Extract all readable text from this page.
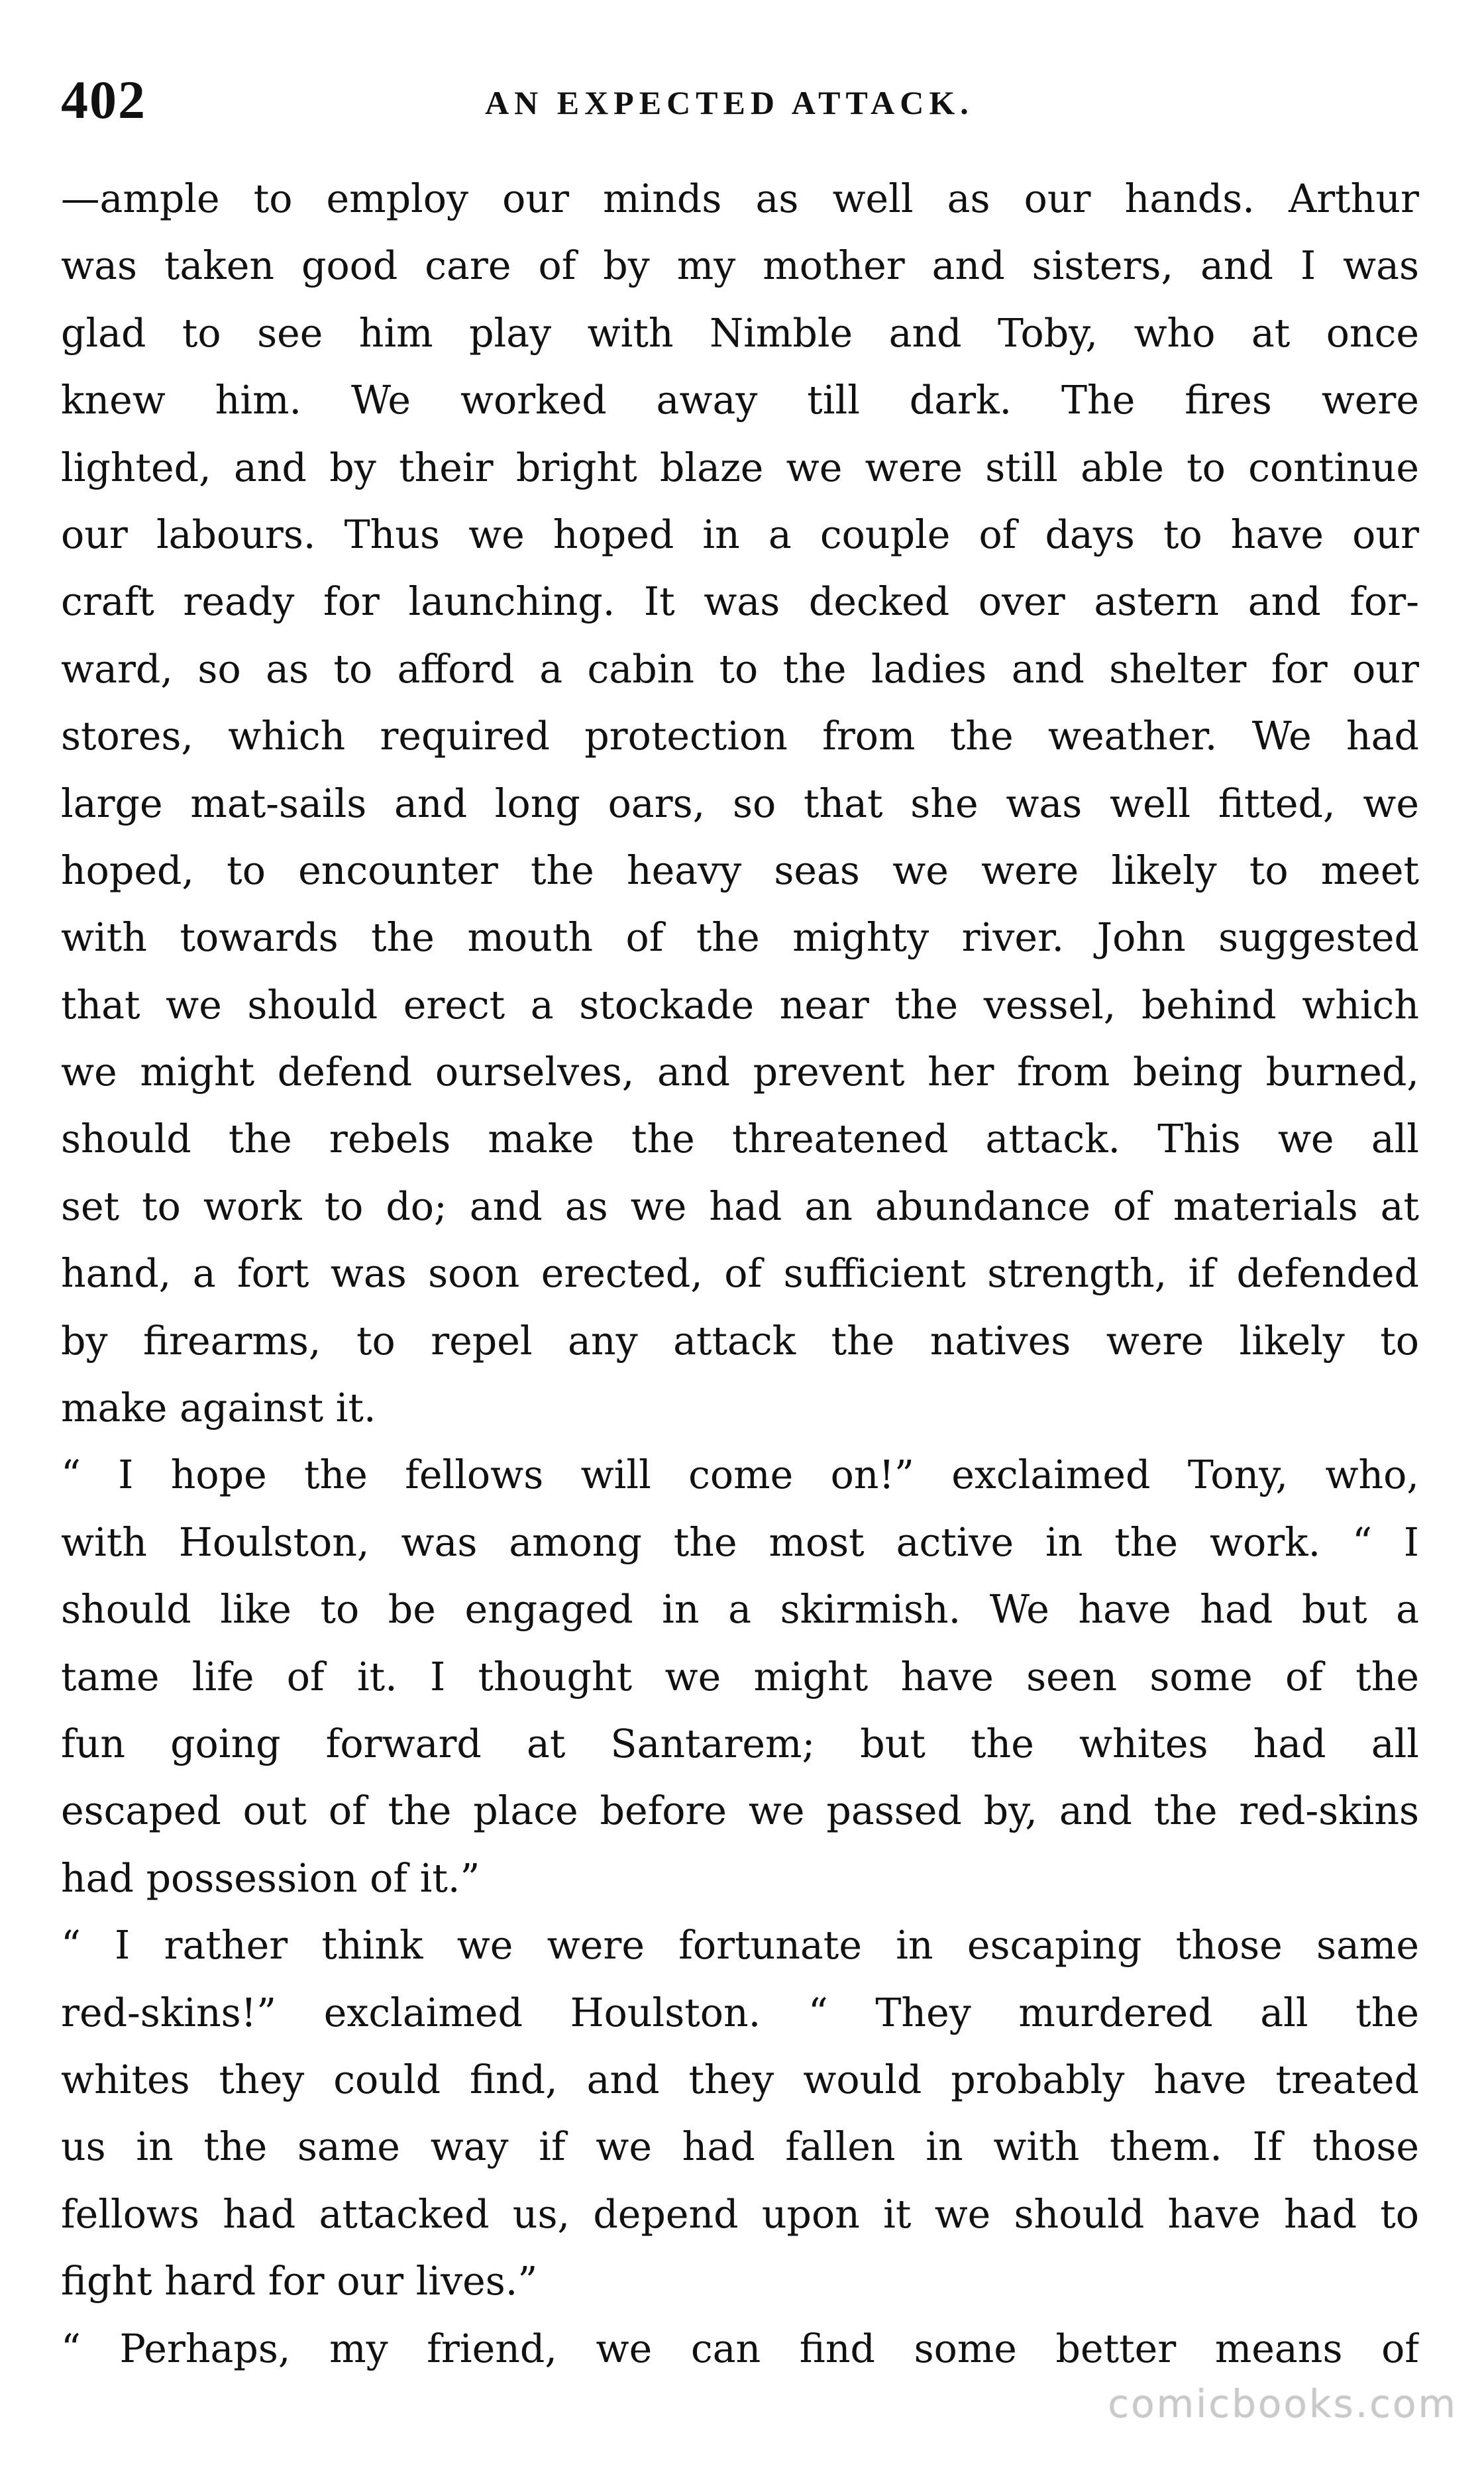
402	AN EXPECTED ATTACK.
—ample to employ our minds as well as our hands. Arthur
was taken good care of by my mother and sisters, and I was
glad to see him play with Nimble and Toby, who at once
knew him. We worked away till dark. The fires were
lighted, and by their bright blaze we were still able to continue
our labours. Thus we hoped in a couple of days to have our
craft ready for launching. It was decked over astern and for-
ward, so as to afford a cabin to the ladies and shelter for our
stores, which required protection from the weather. We had
large mat-sails and long oars, so that she was well fitted, we
hoped, to encounter the heavy seas we were likely to meet
with towards the mouth of the mighty river. John suggested
that we should erect a stockade near the vessel, behind which
we might defend ourselves, and prevent her from being burned,
should the rebels make the threatened attack. This we all
set to work to do; and as we had an abundance of materials at
hand, a fort was soon erected, of sufficient strength, if defended
by firearms, to repel any attack the natives were likely to
make against it.
“ I hope the fellows will come on!” exclaimed Tony, who,
with Houlston, was among the most active in the work. “ I
should like to be engaged in a skirmish. We have had but a
tame life of it. I thought we might have seen some of the
fun going forward at Santarem; but the whites had all
escaped out of the place before we passed by, and the red-skins
had possession of it.”
“ I rather think we were fortunate in escaping those same
red-skins!” exclaimed Houlston. “ They murdered all the
whites they could find, and they would probably have treated
us in the same way if we had fallen in with them. If those
fellows had attacked us, depend upon it we should have had to
fight hard for our lives.”
“ Perhaps, my friend, we can find some better means of
comicbooks.com
